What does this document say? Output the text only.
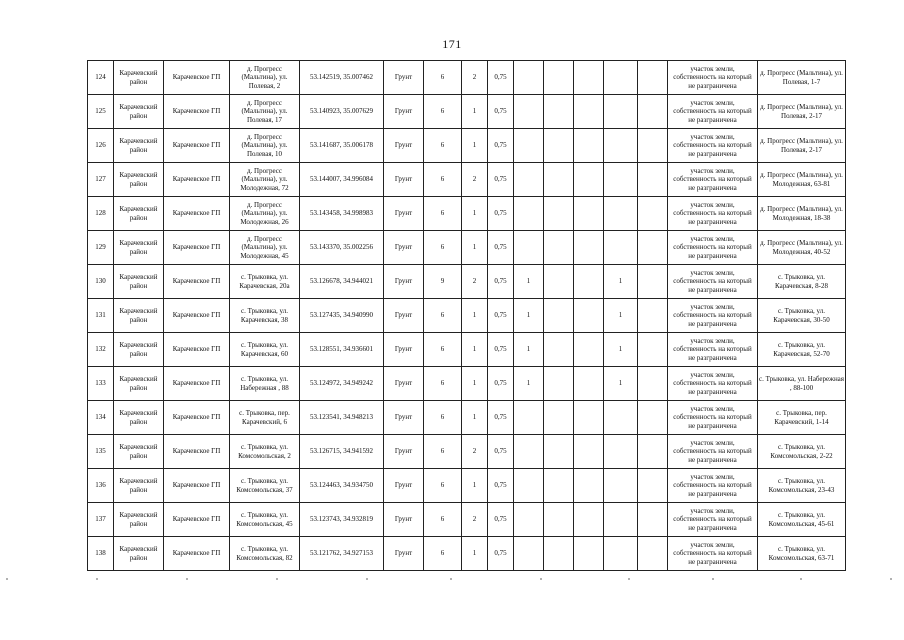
171
124	Карачевский район	Карачевское ГП	д. Прогресс (Мальтина), ул. Полевая, 2	53.142519, 35.007462	Грунт	6	2	0,75						участок земли, собственность на который не разграничена	д. Прогресс (Мальтина), ул. Полевая, 1-7
125	Карачевский район	Карачевское ГП	д. Прогресс (Мальтина), ул. Полевая, 17	53.140923, 35.007629	Грунт	6	1	0,75						участок земли, собственность на который не разграничена	д. Прогресс (Мальтина), ул. Полевая, 2-17
126	Карачевский район	Карачевское ГП	д. Прогресс (Мальтина), ул. Полевая, 10	53.141687, 35.006178	Грунт	6	1	0,75						участок земли, собственность на который не разграничена	д. Прогресс (Мальтина), ул. Полевая, 2-17
127	Карачевский район	Карачевское ГП	д. Прогресс (Мальтина), ул. Молодежная, 72	53.144007, 34.996084	Грунт	6	2	0,75						участок земли, собственность на который не разграничена	д. Прогресс (Мальтина), ул. Молодежная, 63-81
128	Карачевский район	Карачевское ГП	д. Прогресс (Мальтина), ул. Молодежная, 26	53.143458, 34.998983	Грунт	6	1	0,75						участок земли, собственность на который не разграничена	д. Прогресс (Мальтина), ул. Молодежная, 18-38
129	Карачевский район	Карачевское ГП	д. Прогресс (Мальтина), ул. Молодежная, 45	53.143370, 35.002256	Грунт	6	1	0,75						участок земли, собственность на который не разграничена	д. Прогресс (Мальтина), ул. Молодежная, 40-52
130	Карачевский район	Карачевское ГП	с. Трыковка, ул. Карачевская, 20а	53.126678, 34.944021	Грунт	9	2	0,75	1			1		участок земли, собственность на который не разграничена	с. Трыковка, ул. Карачевская, 8-28
131	Карачевский район	Карачевское ГП	с. Трыковка, ул. Карачевская, 38	53.127435, 34.940990	Грунт	6	1	0,75	1			1		участок земли, собственность на который не разграничена	с. Трыковка, ул. Карачевская, 30-50
132	Карачевский район	Карачевское ГП	с. Трыковка, ул. Карачевская, 60	53.128551, 34.936601	Грунт	6	1	0,75	1			1		участок земли, собственность на который не разграничена	с. Трыковка, ул. Карачевская, 52-70
133	Карачевский район	Карачевское ГП	с. Трыковка, ул. Набережная , 88	53.124972, 34.949242	Грунт	6	1	0,75	1			1		участок земли, собственность на который не разграничена	с. Трыковка, ул. Набережная , 88-100
134	Карачевский район	Карачевское ГП	с. Трыковка, пер. Карачевский, 6	53.123541, 34.948213	Грунт	6	1	0,75						участок земли, собственность на который не разграничена	с. Трыковка, пер. Карачевский, 1-14
135	Карачевский район	Карачевское ГП	с. Трыковка, ул. Комсомольская, 2	53.126715, 34.941592	Грунт	6	2	0,75						участок земли, собственность на который не разграничена	с. Трыковка, ул. Комсомольская, 2-22
136	Карачевский район	Карачевское ГП	с. Трыковка, ул. Комсомольская, 37	53.124463, 34.934750	Грунт	6	1	0,75						участок земли, собственность на который не разграничена	с. Трыковка, ул. Комсомольская, 23-43
137	Карачевский район	Карачевское ГП	с. Трыковка, ул. Комсомольская, 45	53.123743, 34.932819	Грунт	6	2	0,75						участок земли, собственность на который не разграничена	с. Трыковка, ул. Комсомольская, 45-61
138	Карачевский район	Карачевское ГП	с. Трыковка, ул. Комсомольская, 82	53.121762, 34.927153	Грунт	6	1	0,75						участок земли, собственность на который не разграничена	с. Трыковка, ул. Комсомольская, 63-71
